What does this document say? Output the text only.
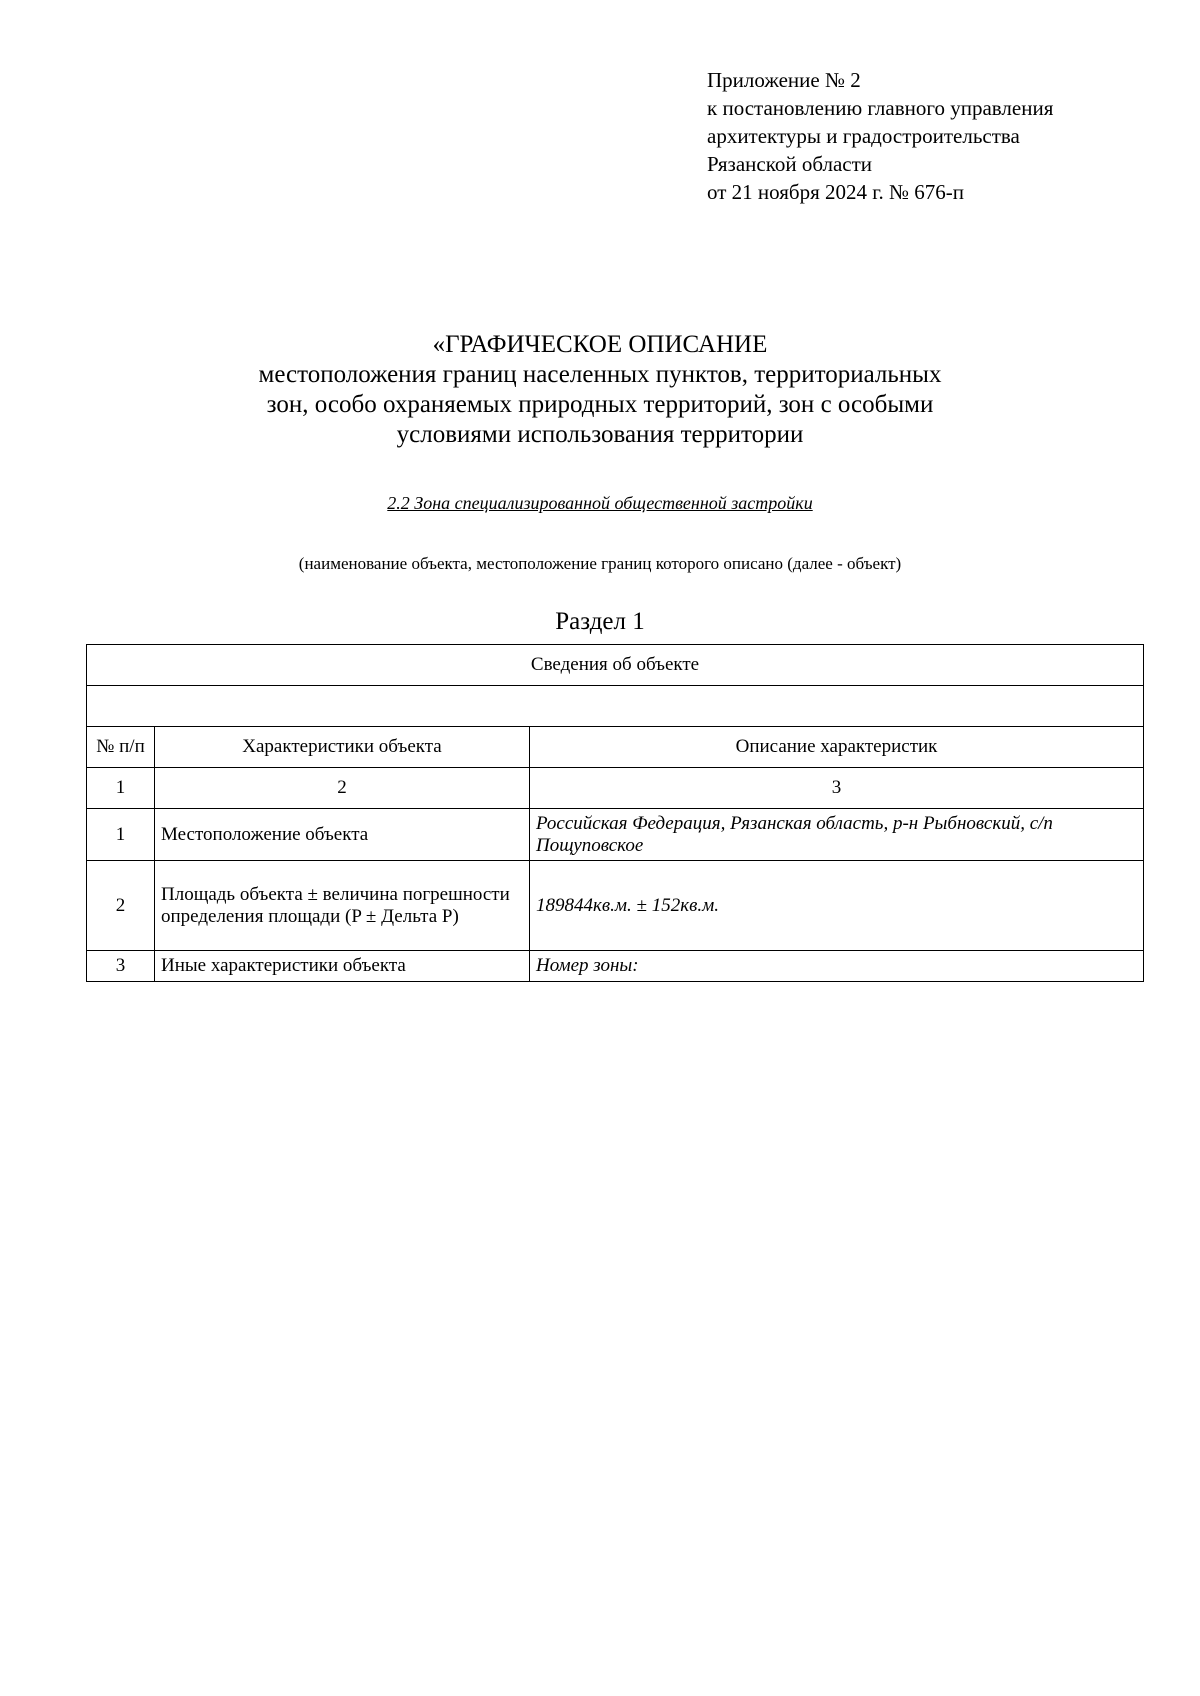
Приложение № 2
к постановлению главного управления
архитектуры и градостроительства
Рязанской области
от 21 ноября 2024 г. № 676-п
«ГРАФИЧЕСКОЕ ОПИСАНИЕ
местоположения границ населенных пунктов, территориальных
зон, особо охраняемых природных территорий, зон с особыми
условиями использования территории
2.2 Зона специализированной общественной застройки
(наименование объекта, местоположение границ которого описано (далее - объект)
Раздел 1
Сведения об объекте		

№ п/п	Характеристики объекта	Описание характеристик
1	2	3
1	Местоположение объекта	Российская Федерация, Рязанская область, р-н Рыбновский, с/п Пощуповское
2	Площадь объекта ± величина погрешности определения площади (P ± Дельта P)	189844кв.м. ± 152кв.м.
3	Иные характеристики объекта	Номер зоны:
